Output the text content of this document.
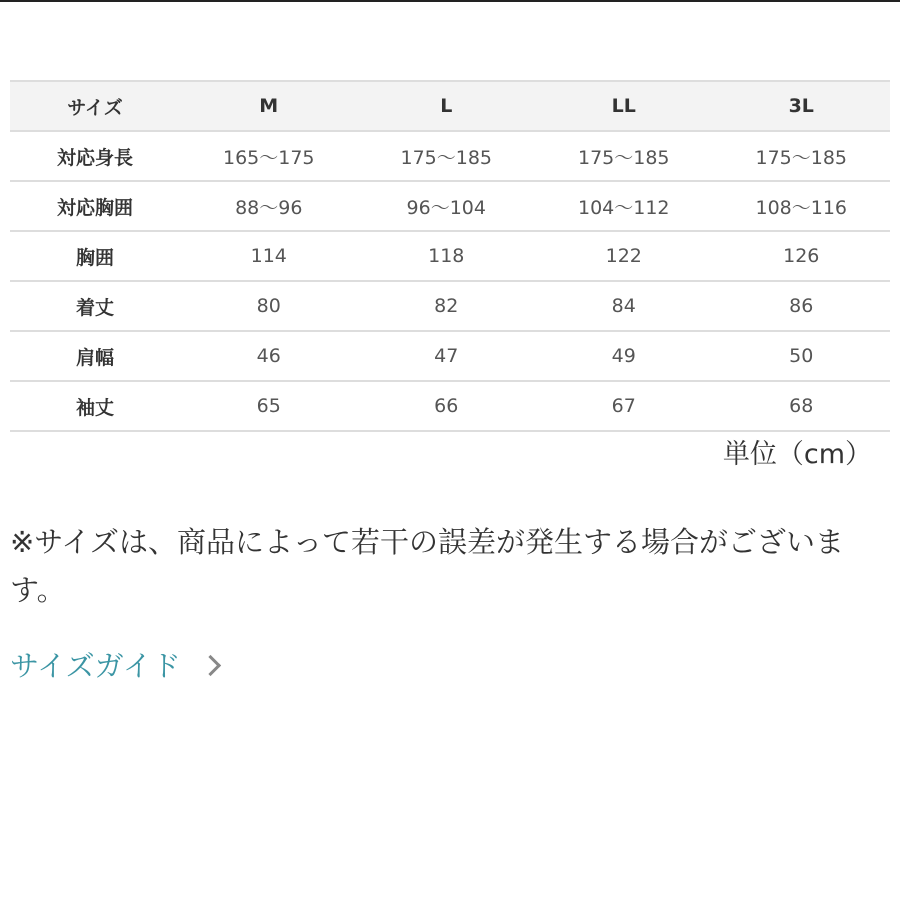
サイズ	M	L	LL	3L
対応身長	165〜175	175〜185	175〜185	175〜185
対応胸囲	88〜96	96〜104	104〜112	108〜116
胸囲	114	118	122	126
着丈	80	82	84	86
肩幅	46	47	49	50
袖丈	65	66	67	68
単位（cm）
※サイズは、商品によって若干の誤差が発生する場合がございます。
サイズガイド
